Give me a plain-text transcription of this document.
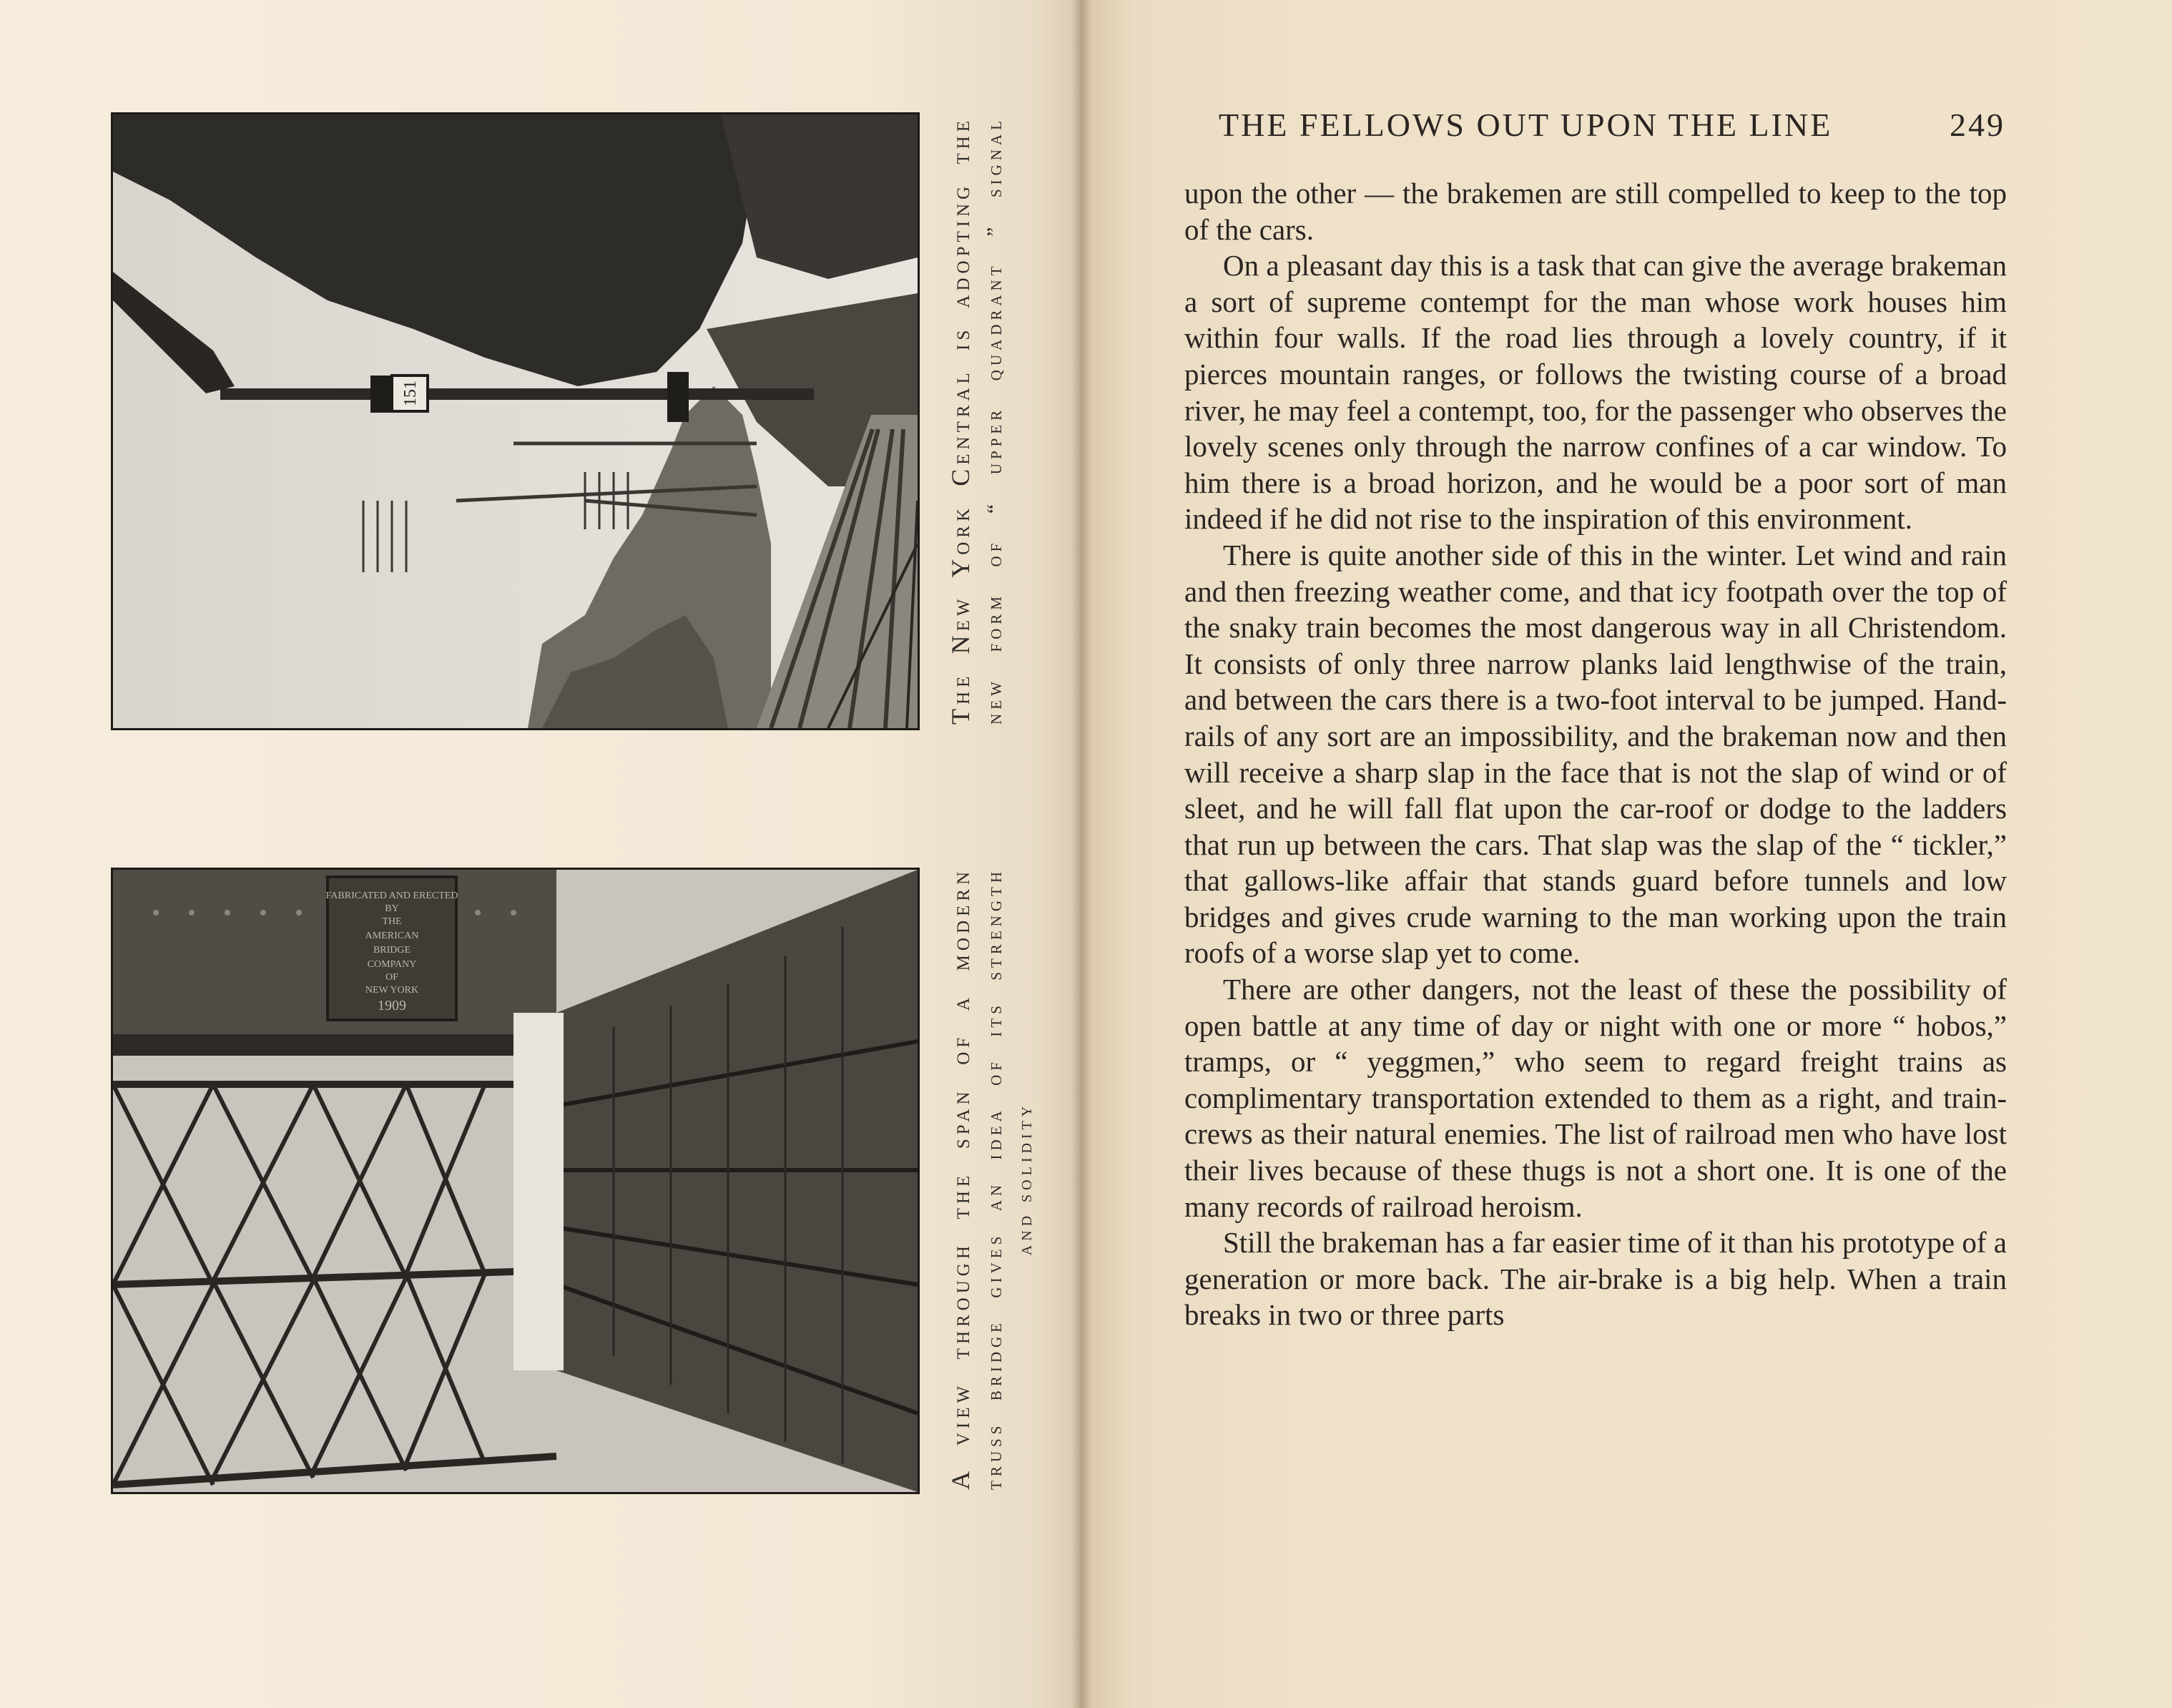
151	The New York Central is adopting the new form of “ upper quadrant ” signal
FABRICATED AND ERECTED
BY
THE
AMERICAN
BRIDGE
COMPANY
OF
NEW YORK
1909	A view through the span of a modern truss bridge gives an idea of its strength and solidity
THE FELLOWS OUT UPON THE LINE	249

upon the other — the brakemen are still compelled to keep to the top of the cars.

On a pleasant day this is a task that can give the average brakeman a sort of supreme contempt for the man whose work houses him within four walls. If the road lies through a lovely country, if it pierces mountain ranges, or follows the twisting course of a broad river, he may feel a contempt, too, for the passenger who observes the lovely scenes only through the narrow confines of a car window. To him there is a broad horizon, and he would be a poor sort of man indeed if he did not rise to the inspiration of this environment.

There is quite another side of this in the winter. Let wind and rain and then freezing weather come, and that icy footpath over the top of the snaky train becomes the most dangerous way in all Christendom. It consists of only three narrow planks laid lengthwise of the train, and between the cars there is a two-foot interval to be jumped. Hand-rails of any sort are an impossibility, and the brakeman now and then will receive a sharp slap in the face that is not the slap of wind or of sleet, and he will fall flat upon the car-roof or dodge to the ladders that run up between the cars. That slap was the slap of the “ tickler,” that gallows-like affair that stands guard before tunnels and low bridges and gives crude warning to the man working upon the train roofs of a worse slap yet to come.

There are other dangers, not the least of these the possibility of open battle at any time of day or night with one or more “ hobos,” tramps, or “ yeggmen,” who seem to regard freight trains as complimentary transportation extended to them as a right, and train-crews as their natural enemies. The list of railroad men who have lost their lives because of these thugs is not a short one. It is one of the many records of railroad heroism.

Still the brakeman has a far easier time of it than his prototype of a generation or more back. The air-brake is a big help. When a train breaks in two or three parts
